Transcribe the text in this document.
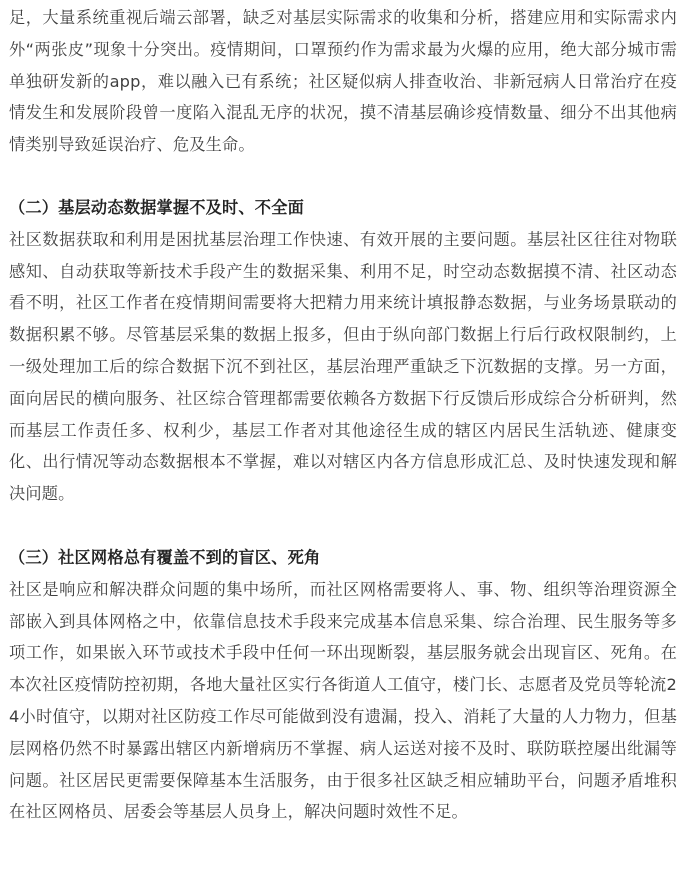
足，大量系统重视后端云部署，缺乏对基层实际需求的收集和分析，搭建应用和实际需求内外“两张皮”现象十分突出。疫情期间，口罩预约作为需求最为火爆的应用，绝大部分城市需单独研发新的app，难以融入已有系统；社区疑似病人排查收治、非新冠病人日常治疗在疫情发生和发展阶段曾一度陷入混乱无序的状况，摸不清基层确诊疫情数量、细分不出其他病情类别导致延误治疗、危及生命。

（二）基层动态数据掌握不及时、不全面

社区数据获取和利用是困扰基层治理工作快速、有效开展的主要问题。基层社区往往对物联感知、自动获取等新技术手段产生的数据采集、利用不足，时空动态数据摸不清、社区动态看不明，社区工作者在疫情期间需要将大把精力用来统计填报静态数据，与业务场景联动的数据积累不够。尽管基层采集的数据上报多，但由于纵向部门数据上行后行政权限制约，上一级处理加工后的综合数据下沉不到社区，基层治理严重缺乏下沉数据的支撑。另一方面，面向居民的横向服务、社区综合管理都需要依赖各方数据下行反馈后形成综合分析研判，然而基层工作责任多、权利少，基层工作者对其他途径生成的辖区内居民生活轨迹、健康变化、出行情况等动态数据根本不掌握，难以对辖区内各方信息形成汇总、及时快速发现和解决问题。

（三）社区网格总有覆盖不到的盲区、死角

社区是响应和解决群众问题的集中场所，而社区网格需要将人、事、物、组织等治理资源全部嵌入到具体网格之中，依靠信息技术手段来完成基本信息采集、综合治理、民生服务等多项工作，如果嵌入环节或技术手段中任何一环出现断裂，基层服务就会出现盲区、死角。在本次社区疫情防控初期，各地大量社区实行各街道人工值守，楼门长、志愿者及党员等轮流24小时值守，以期对社区防疫工作尽可能做到没有遗漏，投入、消耗了大量的人力物力，但基层网格仍然不时暴露出辖区内新增病历不掌握、病人运送对接不及时、联防联控屡出纰漏等问题。社区居民更需要保障基本生活服务，由于很多社区缺乏相应辅助平台，问题矛盾堆积在社区网格员、居委会等基层人员身上，解决问题时效性不足。
